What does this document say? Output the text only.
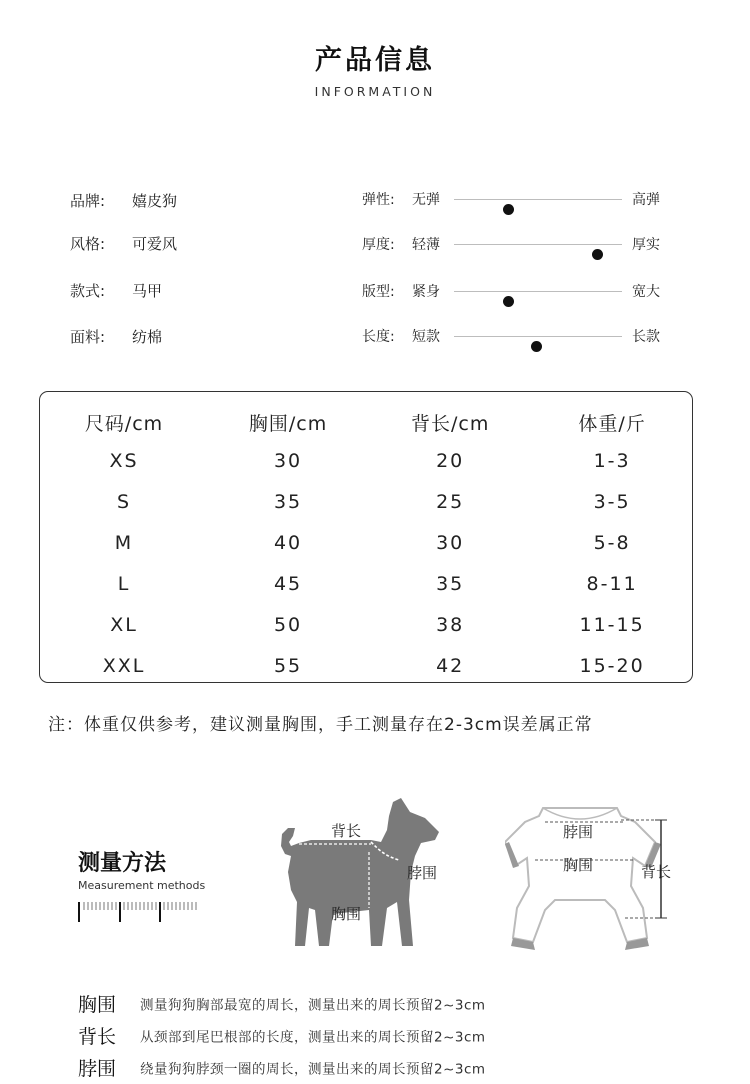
产品信息
INFORMATION
品牌: 嬉皮狗
风格: 可爱风
款式: 马甲
面料: 纺棉
弹性: 无弹	高弹
厚度: 轻薄	厚实
版型: 紧身	宽大
长度: 短款	长款
尺码/cm	胸围/cm	背长/cm	体重/斤
XS	30	20	1-3
S	35	25	3-5
M	40	30	5-8
L	45	35	8-11
XL	50	38	11-15
XXL	55	42	15-20
注：体重仅供参考，建议测量胸围，手工测量存在2-3cm误差属正常
测量方法
Measurement methods
背长
脖围
胸围
脖围
胸围	背长
胸围 测量狗狗胸部最宽的周长，测量出来的周长预留2~3cm
背长 从颈部到尾巴根部的长度，测量出来的周长预留2~3cm
脖围 绕量狗狗脖颈一圈的周长，测量出来的周长预留2~3cm
